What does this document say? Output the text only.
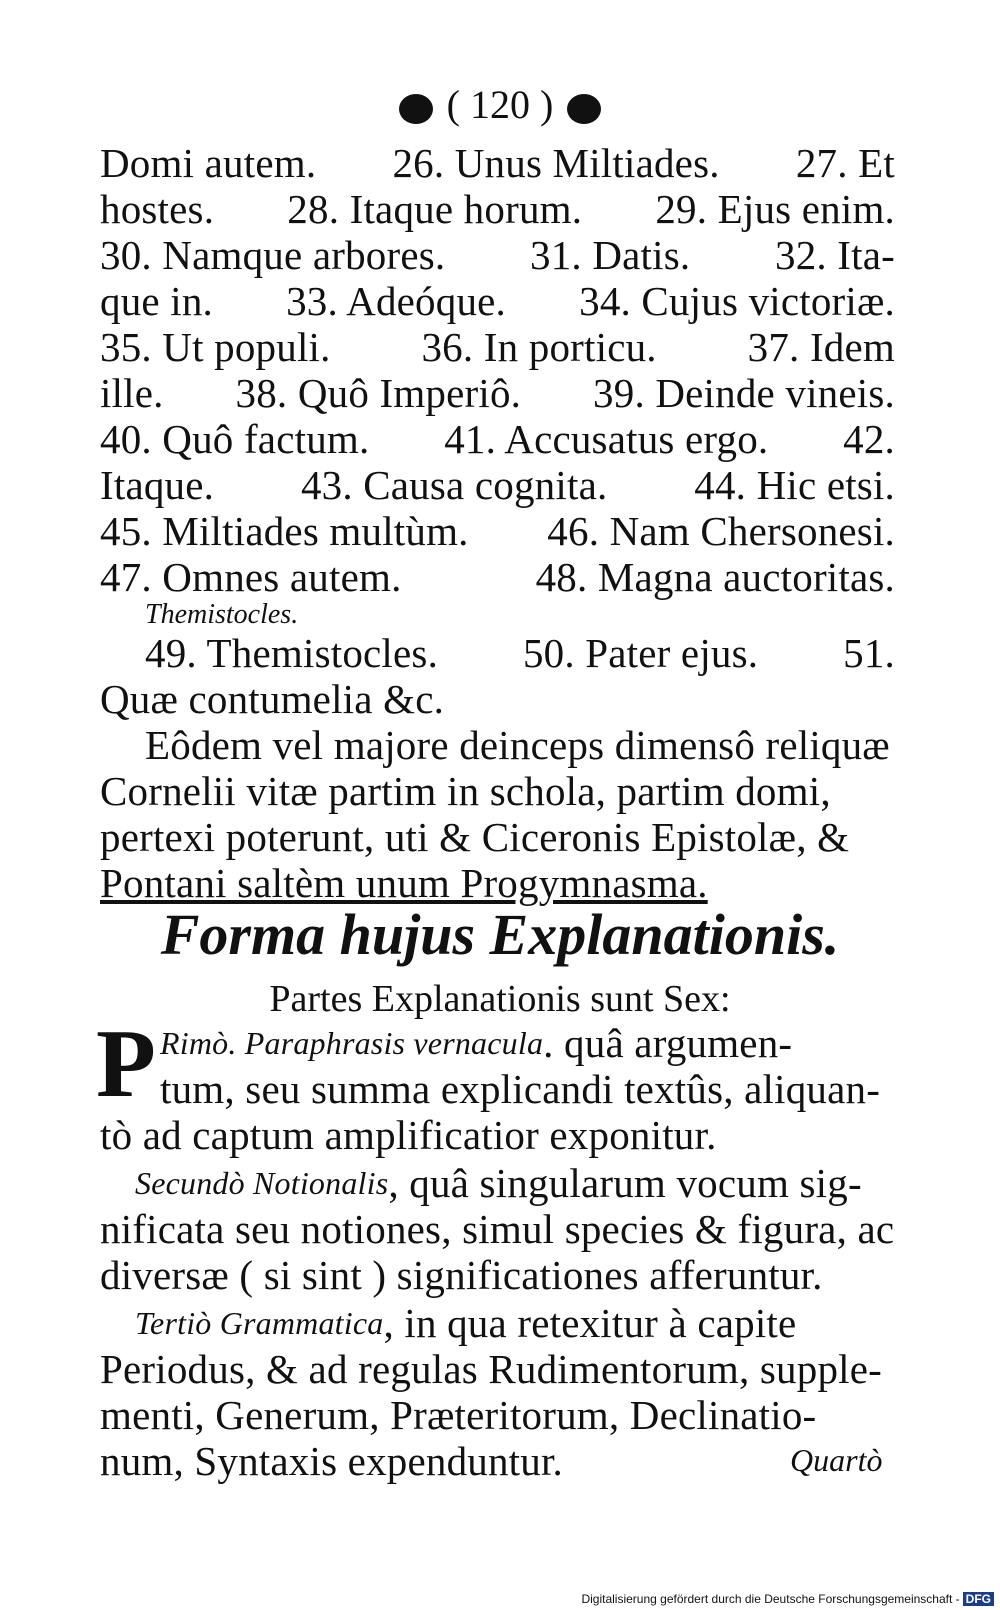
( 120 )
Domi autem. 26. Unus Miltiades. 27. Et
hostes. 28. Itaque horum. 29. Ejus enim.
30. Namque arbores. 31. Datis. 32. Ita-
que in. 33. Adeóque. 34. Cujus victoriæ.
35. Ut populi. 36. In porticu. 37. Idem
ille. 38. Quô Imperiô. 39. Deinde vineis.
40. Quô factum. 41. Accusatus ergo. 42.
Itaque. 43. Causa cognita. 44. Hic etsi.
45. Miltiades multùm. 46. Nam Chersonesi.
47. Omnes autem.	48. Magna auctoritas.
Themistocles.
49. Themistocles. 50. Pater ejus. 51.
Quæ contumelia &c.
Eôdem vel majore deinceps dimensô reliquæ
Cornelii vitæ partim in schola, partim domi,
pertexi poterunt, uti & Ciceronis Epistolæ, &
Pontani saltèm unum Progymnasma.
Forma hujus Explanationis.
Partes Explanationis sunt Sex:
P Rimò. Paraphrasis vernacula . quâ argumen-
tum, seu summa explicandi textûs, aliquan-
tò ad captum amplificatior exponitur.
Secundò Notionalis , quâ singularum vocum sig-
nificata seu notiones, simul species & figura, ac
diversæ ( si sint ) significationes afferuntur.
Tertiò Grammatica , in qua retexitur à capite
Periodus, & ad regulas Rudimentorum, supple-
menti, Generum, Præteritorum, Declinatio-
num, Syntaxis expenduntur.	Quartò
Digitalisierung gefördert durch die Deutsche Forschungsgemeinschaft - DFG
